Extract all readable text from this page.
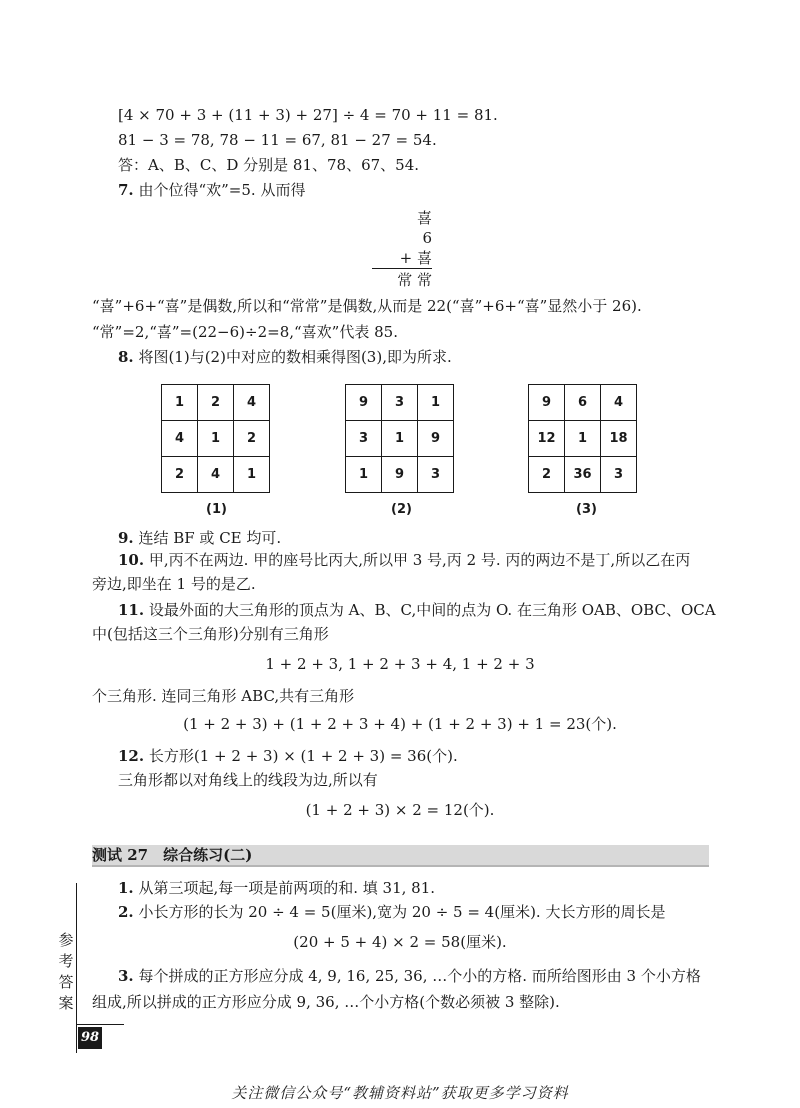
[4 × 70 + 3 + (11 + 3) + 27] ÷ 4 = 70 + 11 = 81.
81 − 3 = 78, 78 − 11 = 67, 81 − 27 = 54.
答：A、B、C、D 分别是 81、78、67、54.
7. 由个位得“欢”=5. 从而得
喜
6
+ 喜
常 常
“喜”+6+“喜”是偶数,所以和“常常”是偶数,从而是 22(“喜”+6+“喜”显然小于 26).
“常”=2,“喜”=(22−6)÷2=8,“喜欢”代表 85.
8. 将图(1)与(2)中对应的数相乘得图(3),即为所求.
1	2	4
4	1	2
2	4	1
9	3	1
3	1	9
1	9	3
9	6	4
12	1	18
2	36	3
(1)	(2)	(3)
9. 连结 BF 或 CE 均可.
10. 甲,丙不在两边. 甲的座号比丙大,所以甲 3 号,丙 2 号. 丙的两边不是丁,所以乙在丙
旁边,即坐在 1 号的是乙.
11. 设最外面的大三角形的顶点为 A、B、C,中间的点为 O. 在三角形 OAB、OBC、OCA
中(包括这三个三角形)分别有三角形
1 + 2 + 3, 1 + 2 + 3 + 4, 1 + 2 + 3
个三角形. 连同三角形 ABC,共有三角形
(1 + 2 + 3) + (1 + 2 + 3 + 4) + (1 + 2 + 3) + 1 = 23(个).
12. 长方形(1 + 2 + 3) × (1 + 2 + 3) = 36(个).
三角形都以对角线上的线段为边,所以有
(1 + 2 + 3) × 2 = 12(个).
测试 27　综合练习(二)
1. 从第三项起,每一项是前两项的和. 填 31, 81.
2. 小长方形的长为 20 ÷ 4 = 5(厘米),宽为 20 ÷ 5 = 4(厘米). 大长方形的周长是
(20 + 5 + 4) × 2 = 58(厘米).
3. 每个拼成的正方形应分成 4, 9, 16, 25, 36, …个小的方格. 而所给图形由 3 个小方格
组成,所以拼成的正方形应分成 9, 36, …个小方格(个数必须被 3 整除).
参
考
答
案
98
关注微信公众号“教辅资料站”获取更多学习资料
